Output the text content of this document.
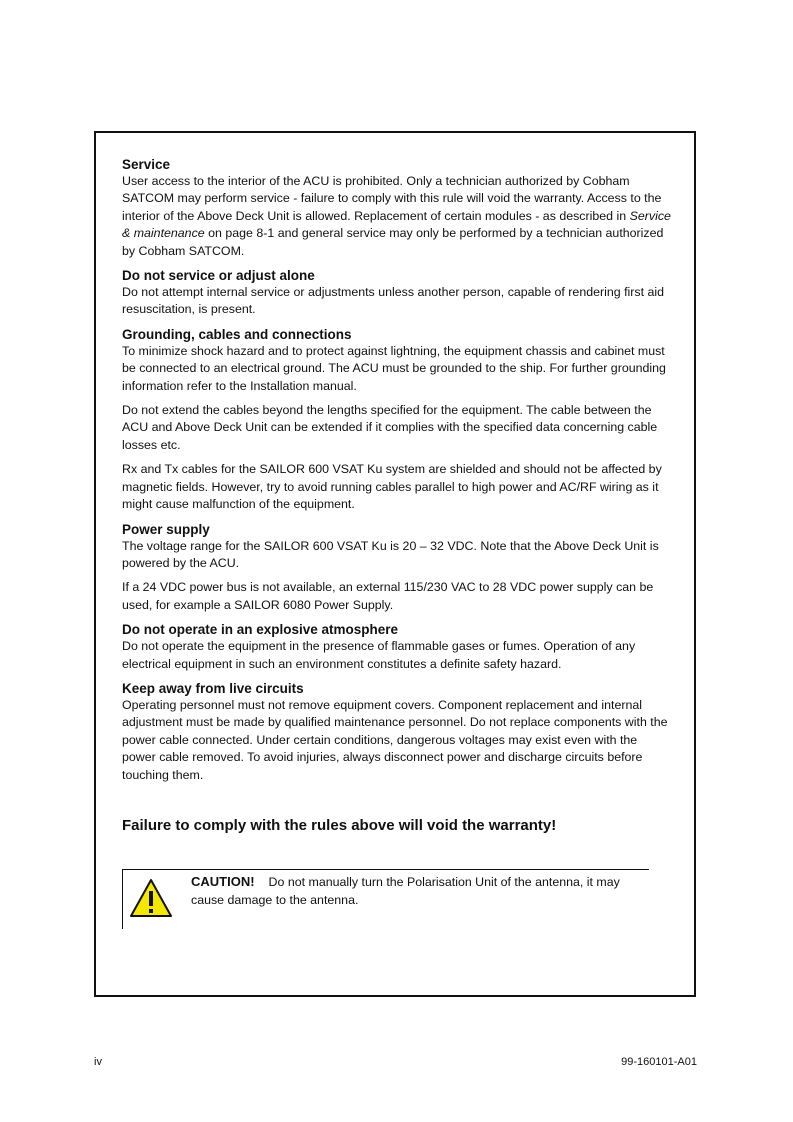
Service

User access to the interior of the ACU is prohibited. Only a technician authorized by Cobham SATCOM may perform service - failure to comply with this rule will void the warranty. Access to the interior of the Above Deck Unit is allowed. Replacement of certain modules - as described in Service & maintenance on page 8-1 and general service may only be performed by a technician authorized by Cobham SATCOM.

Do not service or adjust alone

Do not attempt internal service or adjustments unless another person, capable of rendering first aid resuscitation, is present.

Grounding, cables and connections

To minimize shock hazard and to protect against lightning, the equipment chassis and cabinet must be connected to an electrical ground. The ACU must be grounded to the ship. For further grounding information refer to the Installation manual.

Do not extend the cables beyond the lengths specified for the equipment. The cable between the ACU and Above Deck Unit can be extended if it complies with the specified data concerning cable losses etc.

Rx and Tx cables for the SAILOR 600 VSAT Ku system are shielded and should not be affected by magnetic fields. However, try to avoid running cables parallel to high power and AC/RF wiring as it might cause malfunction of the equipment.

Power supply

The voltage range for the SAILOR 600 VSAT Ku is 20 – 32 VDC. Note that the Above Deck Unit is powered by the ACU.

If a 24 VDC power bus is not available, an external 115/230 VAC to 28 VDC power supply can be used, for example a SAILOR 6080 Power Supply.

Do not operate in an explosive atmosphere

Do not operate the equipment in the presence of flammable gases or fumes. Operation of any electrical equipment in such an environment constitutes a definite safety hazard.

Keep away from live circuits

Operating personnel must not remove equipment covers. Component replacement and internal adjustment must be made by qualified maintenance personnel. Do not replace components with the power cable connected. Under certain conditions, dangerous voltages may exist even with the power cable removed. To avoid injuries, always disconnect power and discharge circuits before touching them.

Failure to comply with the rules above will void the warranty!
CAUTION! Do not manually turn the Polarisation Unit of the antenna, it may cause damage to the antenna.
iv	99-160101-A01
